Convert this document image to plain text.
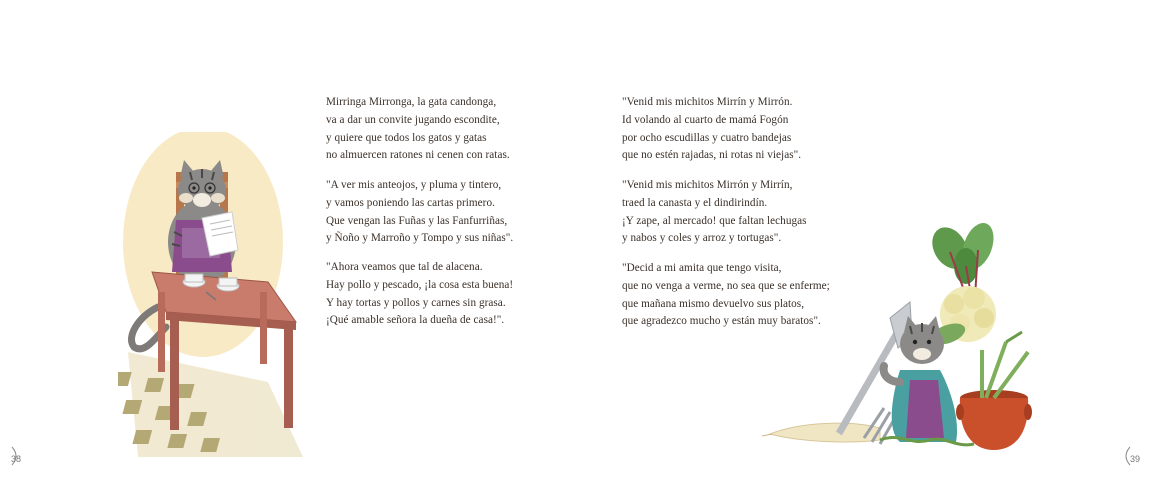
Mirringa Mirronga, la gata candonga,
va a dar un convite jugando escondite,
y quiere que todos los gatos y gatas
no almuercen ratones ni cenen con ratas.
"A ver mis anteojos, y pluma y tintero,
y vamos poniendo las cartas primero.
Que vengan las Fuñas y las Fanfurriñas,
y Ñoño y Marroño y Tompo y sus niñas".
"Ahora veamos que tal de alacena.
Hay pollo y pescado, ¡la cosa esta buena!
Y hay tortas y pollos y carnes sin grasa.
¡Qué amable señora la dueña de casa!".
38
"Venid mis michitos Mirrín y Mirrón.
Id volando al cuarto de mamá Fogón
por ocho escudillas y cuatro bandejas
que no estén rajadas, ni rotas ni viejas".
"Venid mis michitos Mirrón y Mirrín,
traed la canasta y el dindirindín.
¡Y zape, al mercado! que faltan lechugas
y nabos y coles y arroz y tortugas".
"Decid a mi amita que tengo visita,
que no venga a verme, no sea que se enferme;
que mañana mismo devuelvo sus platos,
que agradezco mucho y están muy baratos".
39
